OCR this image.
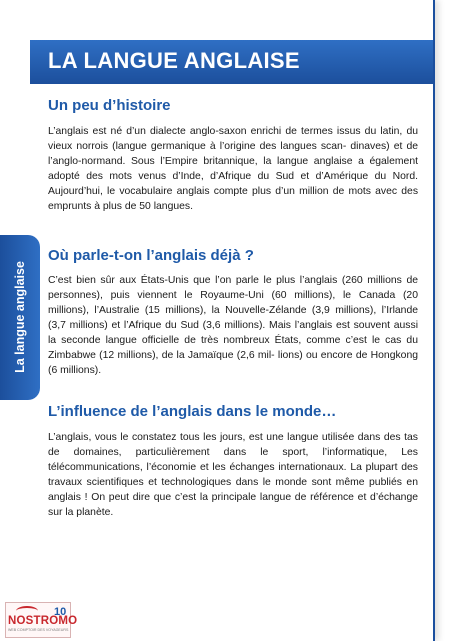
LA LANGUE ANGLAISE
Un peu d’histoire

L’anglais est né d’un dialecte anglo-saxon enrichi de termes issus du latin, du vieux norrois (langue germanique à l’origine des langues scan- dinaves) et de l’anglo-normand. Sous l’Empire britannique, la langue anglaise a également adopté des mots venus d’Inde, d’Afrique du Sud et d’Amérique du Nord. Aujourd’hui, le vocabulaire anglais compte plus d’un million de mots avec des emprunts à plus de 50 langues.

Où parle-t-on l’anglais déjà ?

C’est bien sûr aux États-Unis que l’on parle le plus l’anglais (260 millions de personnes), puis viennent le Royaume-Uni (60 millions), le Canada (20 millions), l’Australie (15 millions), la Nouvelle-Zélande (3,9 millions), l’Irlande (3,7 millions) et l’Afrique du Sud (3,6 millions). Mais l’anglais est souvent aussi la seconde langue officielle de très nombreux États, comme c’est le cas du Zimbabwe (12 millions), de la Jamaïque (2,6 mil- lions) ou encore de Hongkong (6 millions).

L’influence de l’anglais dans le monde…

L’anglais, vous le constatez tous les jours, est une langue utilisée dans des tas de domaines, particulièrement dans le sport, l’informatique, Les télécommunications, l’économie et les échanges internationaux. La plupart des travaux scientifiques et technologiques dans le monde sont même publiés en anglais ! On peut dire que c’est la principale langue de référence et d’échange sur la planète.

La langue anglaise
NOSTROMO
WEB COMPTOIR DES VOYAGEURS
10
